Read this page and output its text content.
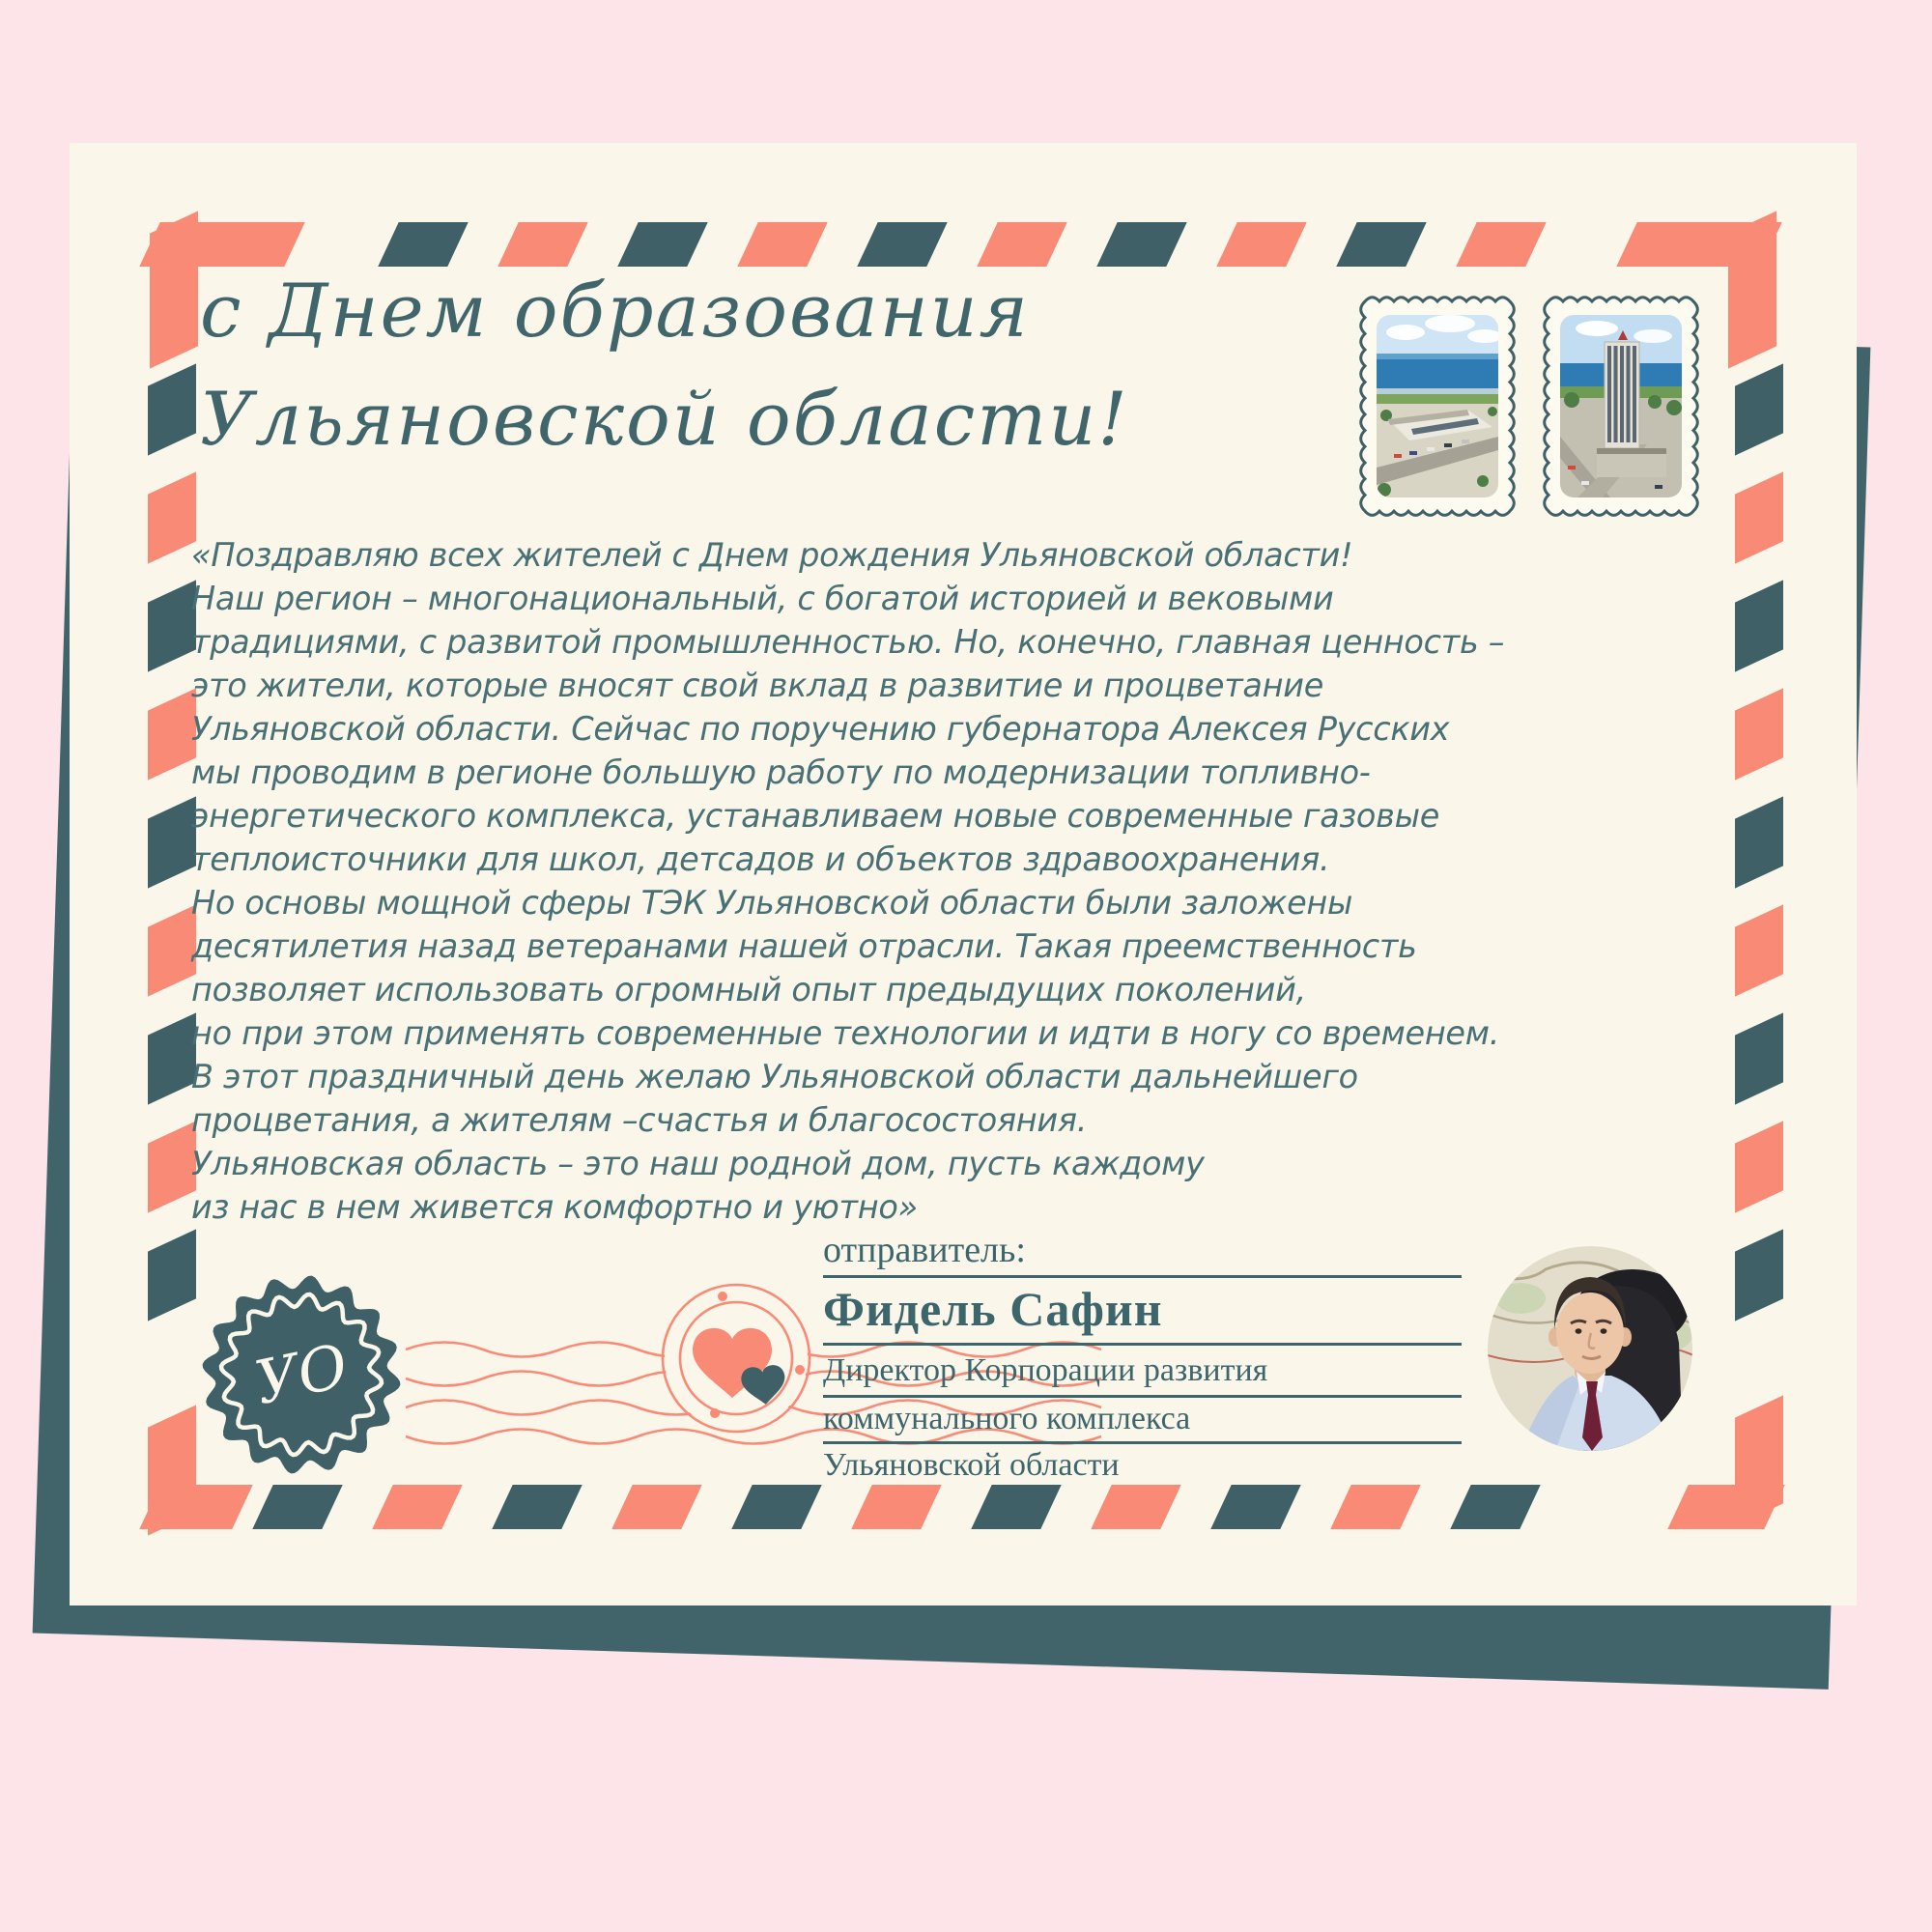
с Днем образования
Ульяновской области!
«Поздравляю всех жителей с Днем рождения Ульяновской области!
Наш регион – многонациональный, с богатой историей и вековыми
традициями, с развитой промышленностью. Но, конечно, главная ценность –
это жители, которые вносят свой вклад в развитие и процветание
Ульяновской области. Сейчас по поручению губернатора Алексея Русских
мы проводим в регионе большую работу по модернизации топливно-
энергетического комплекса, устанавливаем новые современные газовые
теплоисточники для школ, детсадов и объектов здравоохранения.
Но основы мощной сферы ТЭК Ульяновской области были заложены
десятилетия назад ветеранами нашей отрасли. Такая преемственность
позволяет использовать огромный опыт предыдущих поколений,
но при этом применять современные технологии и идти в ногу со временем.
В этот праздничный день желаю Ульяновской области дальнейшего
процветания, а жителям –счастья и благосостояния.
Ульяновская область – это наш родной дом, пусть каждому
из нас в нем живется комфортно и уютно»
УО
отправитель:
Фидель Сафин
Директор Корпорации развития
коммунального комплекса
Ульяновской области
